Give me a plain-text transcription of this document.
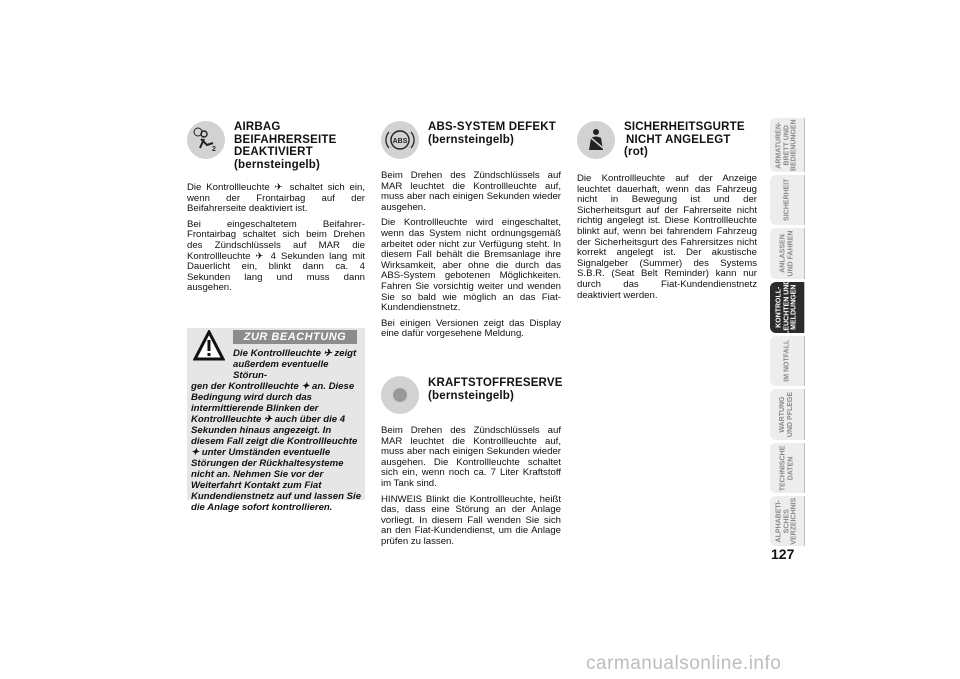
2
AIRBAG
BEIFAHRERSEITE
DEAKTIVIERT
(bernsteingelb)

Die Kontrollleuchte ✈ schaltet sich ein, wenn der Frontairbag auf der Beifahrerseite deaktiviert ist.

Bei eingeschaltetem Beifahrer-Frontairbag schaltet sich beim Drehen des Zündschlüssels auf MAR die Kontrollleuchte ✈ 4 Sekunden lang mit Dauerlicht ein, blinkt dann ca. 4 Sekunden lang und muss dann ausgehen.

ZUR BEACHTUNG
Die Kontrollleuchte ✈ zeigt außerdem eventuelle Störun-
gen der Kontrollleuchte ✦ an. Diese Bedingung wird durch das intermittierende Blinken der Kontrollleuchte ✈ auch über die 4 Sekunden hinaus angezeigt. In diesem Fall zeigt die Kontrollleuchte ✦ unter Umständen eventuelle Störungen der Rückhaltesysteme nicht an. Nehmen Sie vor der Weiterfahrt Kontakt zum Fiat Kundendienstnetz auf und lassen Sie die Anlage sofort kontrollieren.
ABS
ABS-SYSTEM DEFEKT
(bernsteingelb)

Beim Drehen des Zündschlüssels auf MAR leuchtet die Kontrollleuchte auf, muss aber nach einigen Sekunden wieder ausgehen.

Die Kontrollleuchte wird eingeschaltet, wenn das System nicht ordnungsgemäß arbeitet oder nicht zur Verfügung steht. In diesem Fall behält die Bremsanlage ihre Wirksamkeit, aber ohne die durch das ABS-System gebotenen Möglichkeiten. Fahren Sie vorsichtig weiter und wenden Sie so bald wie möglich an das Fiat-Kundendienstnetz.

Bei einigen Versionen zeigt das Display eine dafür vorgesehene Meldung.

KRAFTSTOFFRESERVE
(bernsteingelb)

Beim Drehen des Zündschlüssels auf MAR leuchtet die Kontrollleuchte auf, muss aber nach einigen Sekunden wieder ausgehen. Die Kontrollleuchte schaltet sich ein, wenn noch ca. 7 Liter Kraftstoff im Tank sind.

HINWEIS Blinkt die Kontrollleuchte, heißt das, dass eine Störung an der Anlage vorliegt. In diesem Fall wenden Sie sich an den Fiat-Kundendienst, um die Anlage prüfen zu lassen.

SICHERHEITSGURTE
NICHT ANGELEGT
(rot)

Die Kontrollleuchte auf der Anzeige leuchtet dauerhaft, wenn das Fahrzeug nicht in Bewegung ist und der Sicherheitsgurt auf der Fahrerseite nicht richtig angelegt ist. Diese Kontrollleuchte blinkt auf, wenn bei fahrendem Fahrzeug der Sicherheitsgurt des Fahrersitzes nicht korrekt angelegt ist. Der akustische Signalgeber (Summer) des Systems S.B.R. (Seat Belt Reminder) kann nur durch das Fiat-Kundendienstnetz deaktiviert werden.

ARMATUREN-
BRETT UND
BEDIENUNGEN
SICHERHEIT
ANLASSEN
UND FAHREN
KONTROLL-
LEUCHTEN UND
MELDUNGEN
IM NOTFALL
WARTUNG
UND PFLEGE
TECHNISCHE
DATEN
ALPHABETI-
SCHES
VERZEICHNIS
127
carmanualsonline.info
